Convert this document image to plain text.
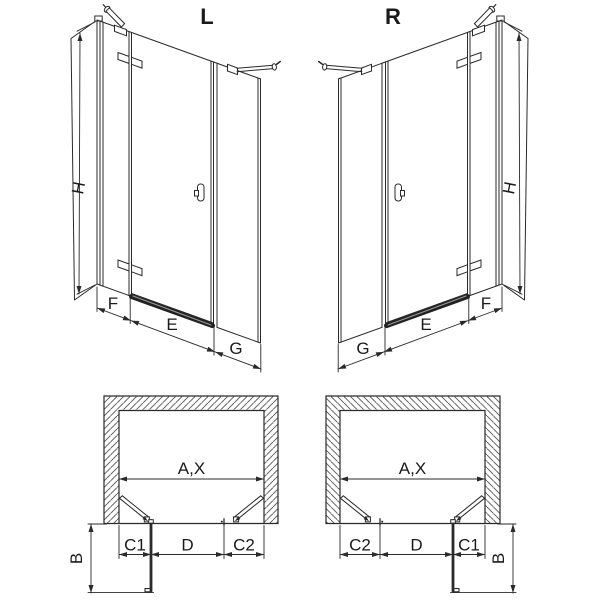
L	R
H
F
E
G
H
G
E
F
A,X
C1 D C2
B
A,X
C2 D C1
B
